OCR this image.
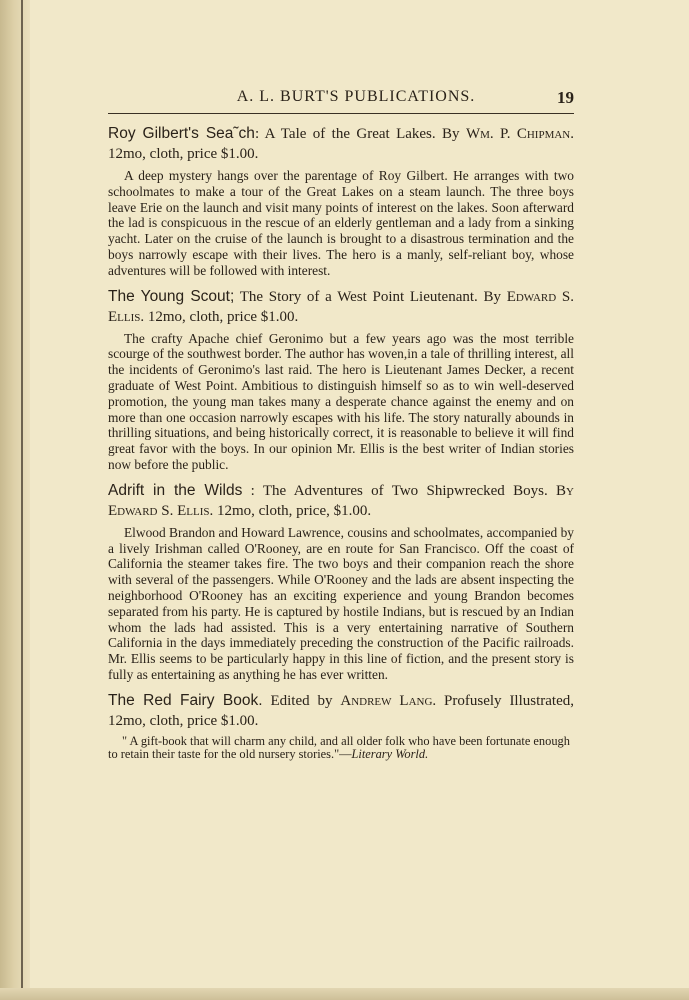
A. L. BURT'S PUBLICATIONS.	19

Roy Gilbert's Sea˜ch: A Tale of the Great Lakes. By Wm. P. Chipman. 12mo, cloth, price $1.00.

A deep mystery hangs over the parentage of Roy Gilbert. He arranges with two schoolmates to make a tour of the Great Lakes on a steam launch. The three boys leave Erie on the launch and visit many points of interest on the lakes. Soon afterward the lad is conspicuous in the rescue of an elderly gentleman and a lady from a sinking yacht. Later on the cruise of the launch is brought to a disastrous termination and the boys narrowly escape with their lives. The hero is a manly, self-reliant boy, whose adventures will be followed with interest.

The Young Scout; The Story of a West Point Lieutenant. By Edward S. Ellis. 12mo, cloth, price $1.00.

The crafty Apache chief Geronimo but a few years ago was the most terrible scourge of the southwest border. The author has woven,in a tale of thrilling interest, all the incidents of Geronimo's last raid. The hero is Lieutenant James Decker, a recent graduate of West Point. Ambitious to distinguish himself so as to win well-deserved promotion, the young man takes many a desperate chance against the enemy and on more than one occasion narrowly escapes with his life. The story naturally abounds in thrilling situations, and being historically correct, it is reasonable to believe it will find great favor with the boys. In our opinion Mr. Ellis is the best writer of Indian stories now before the public.

Adrift in the Wilds : The Adventures of Two Shipwrecked Boys. By Edward S. Ellis. 12mo, cloth, price, $1.00.

Elwood Brandon and Howard Lawrence, cousins and schoolmates, accompanied by a lively Irishman called O'Rooney, are en route for San Francisco. Off the coast of California the steamer takes fire. The two boys and their companion reach the shore with several of the passengers. While O'Rooney and the lads are absent inspecting the neighborhood O'Rooney has an exciting experience and young Brandon becomes separated from his party. He is captured by hostile Indians, but is rescued by an Indian whom the lads had assisted. This is a very entertaining narrative of Southern California in the days immediately preceding the construction of the Pacific railroads. Mr. Ellis seems to be particularly happy in this line of fiction, and the present story is fully as entertaining as anything he has ever written.

The Red Fairy Book. Edited by Andrew Lang. Profusely Illustrated, 12mo, cloth, price $1.00.

" A gift-book that will charm any child, and all older folk who have been fortunate enough to retain their taste for the old nursery stories."—Literary World.
